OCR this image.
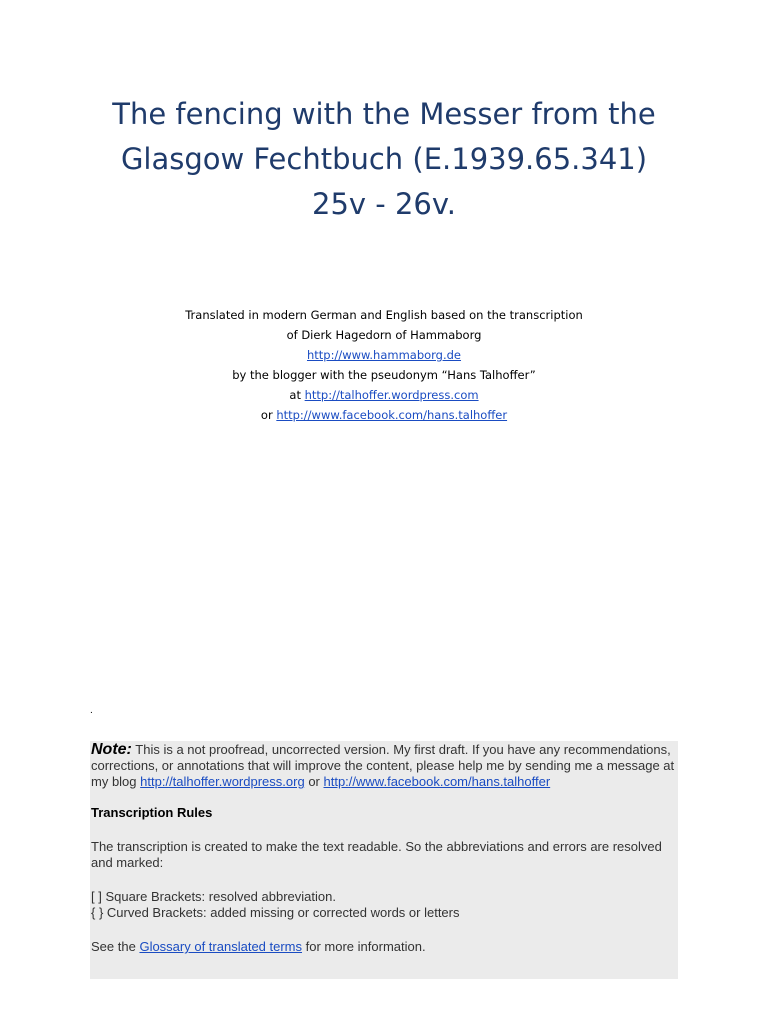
The fencing with the Messer from the
Glasgow Fechtbuch (E.1939.65.341)
25v - 26v.
Translated in modern German and English based on the transcription
of Dierk Hagedorn of Hammaborg
http://www.hammaborg.de
by the blogger with the pseudonym “Hans Talhoffer”
at http://talhoffer.wordpress.com
or http://www.facebook.com/hans.talhoffer
.

Note: This is a not proofread, uncorrected version. My first draft. If you have any recommendations, corrections, or annotations that will improve the content, please help me by sending me a message at my blog http://talhoffer.wordpress.org or http://www.facebook.com/hans.talhoffer

Transcription Rules

The transcription is created to make the text readable. So the abbreviations and errors are resolved and marked:

[ ] Square Brackets: resolved abbreviation.
{ } Curved Brackets: added missing or corrected words or letters

See the Glossary of translated terms for more information.
